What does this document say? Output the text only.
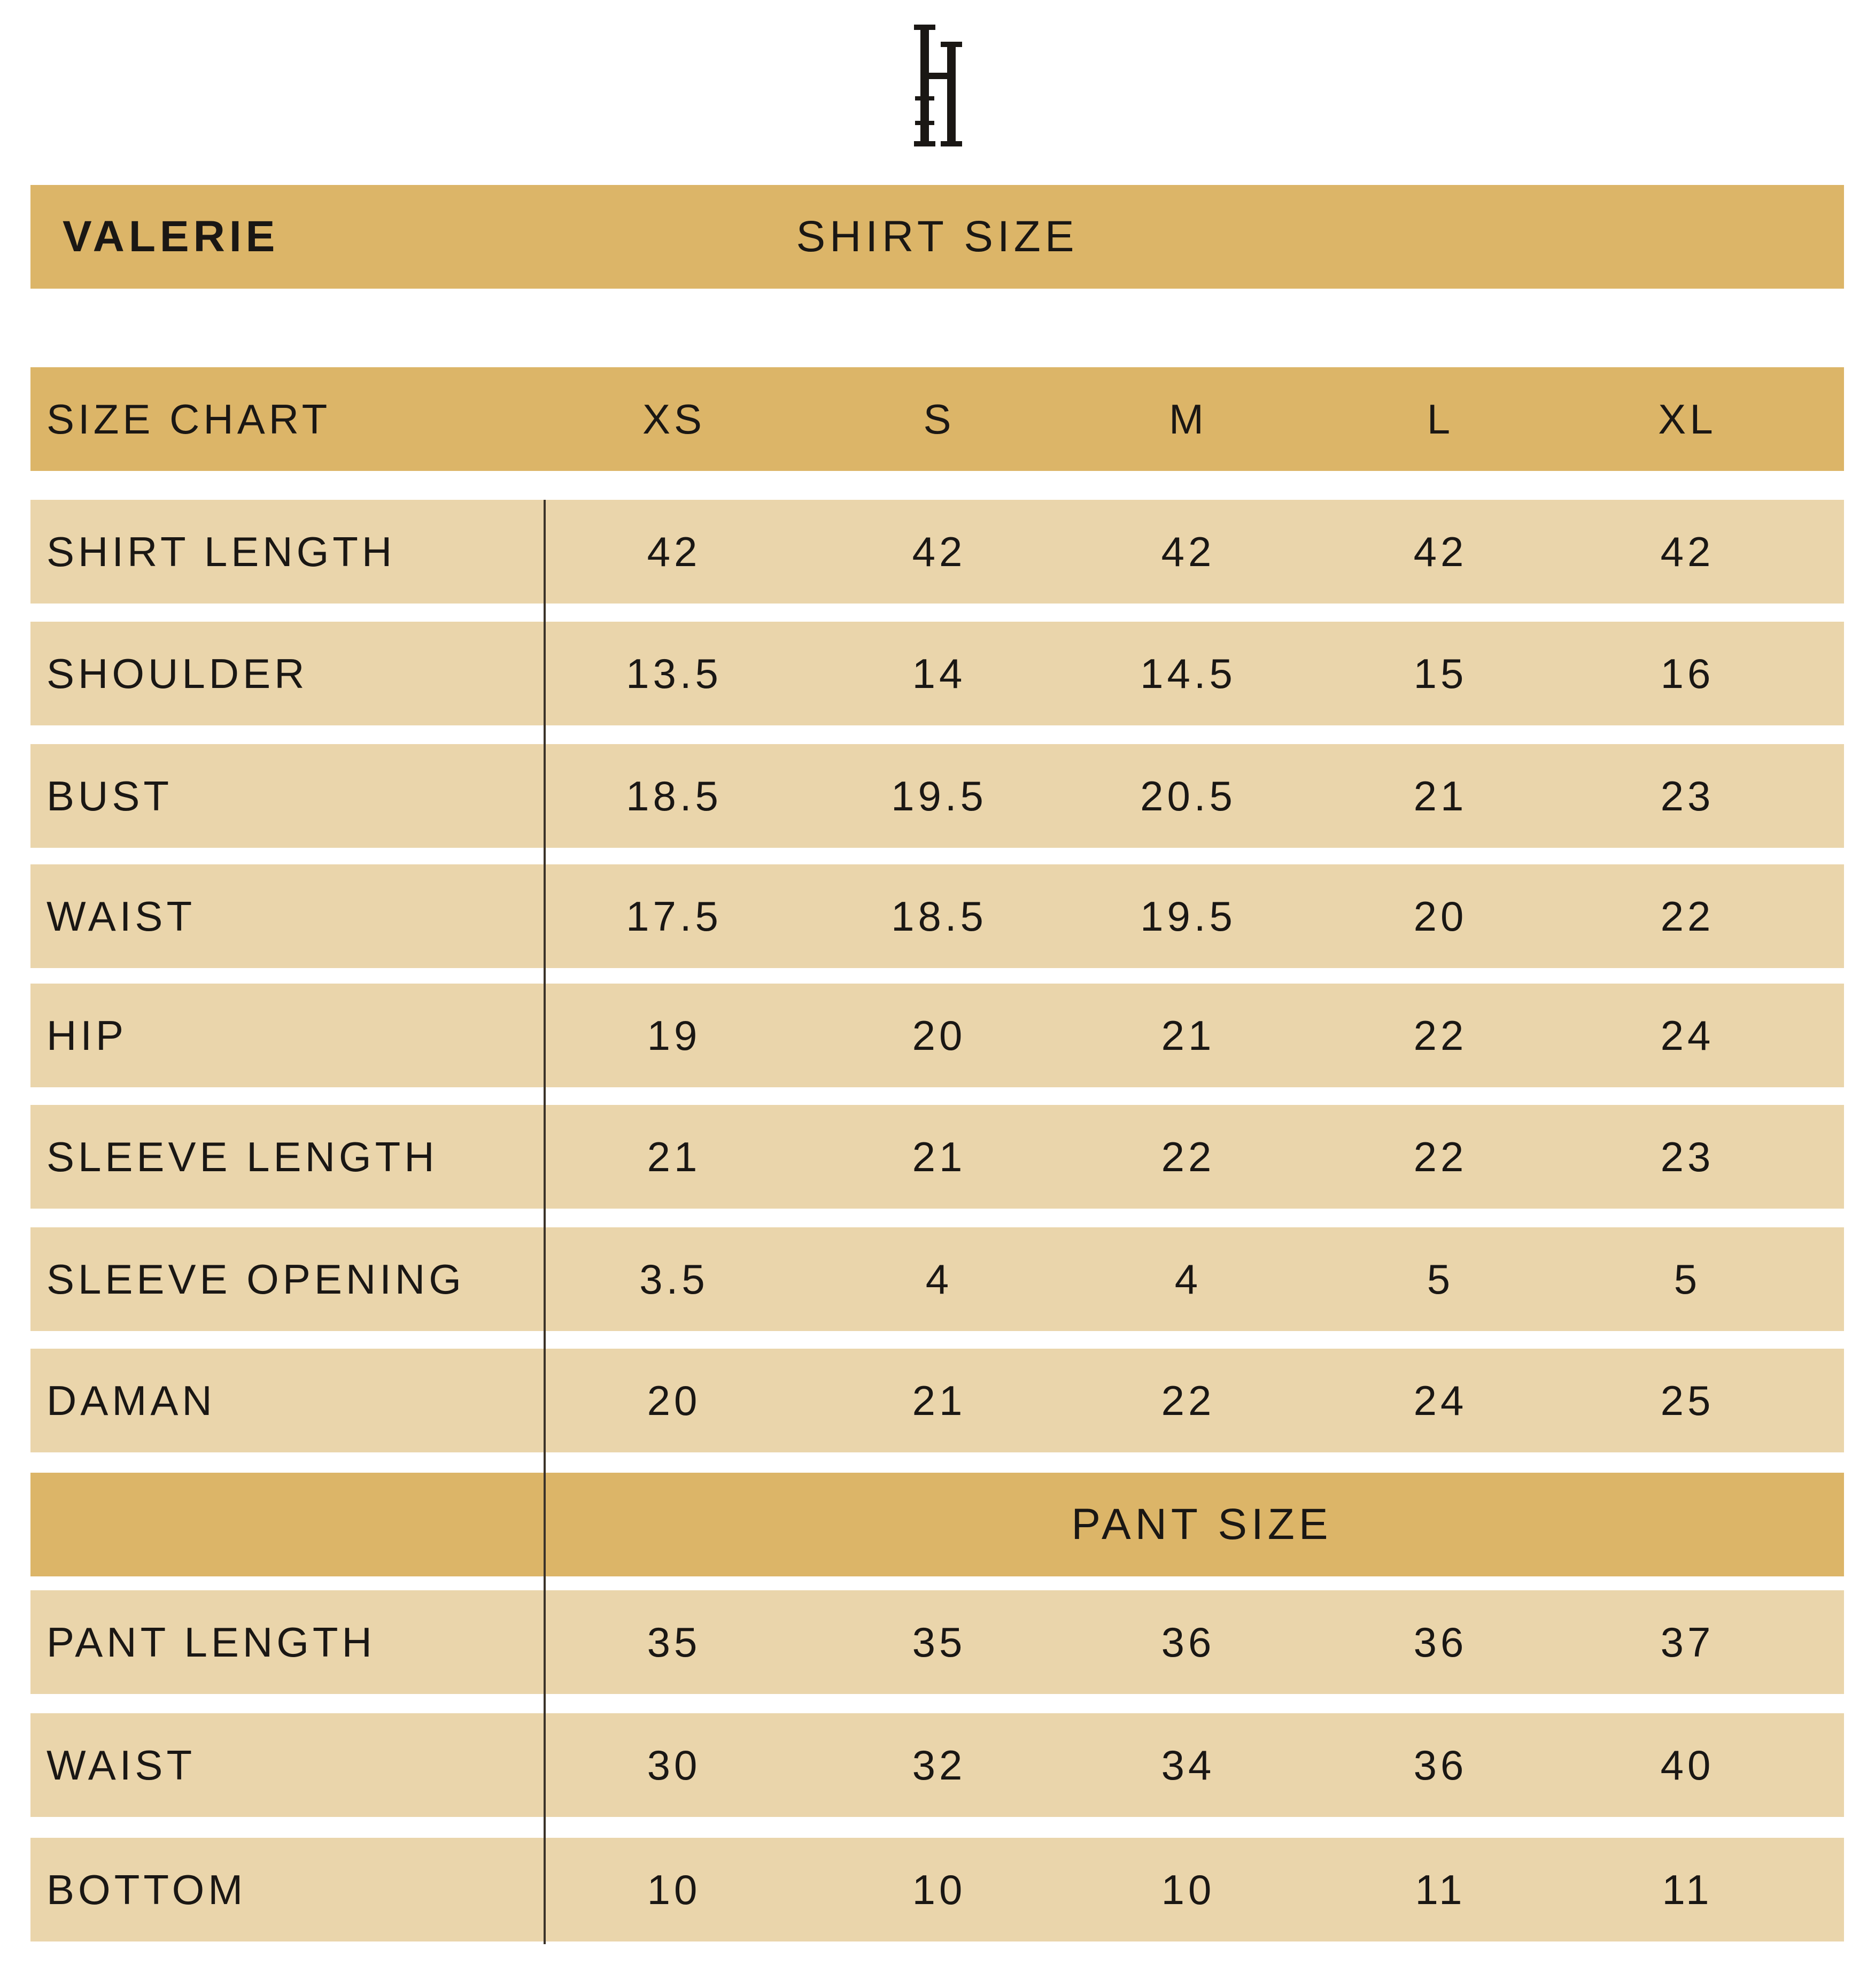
VALERIE	SHIRT SIZE
SIZE CHART	XS	S	M	L	XL
SHIRT LENGTH	42	42	42	42	42
SHOULDER	13.5	14	14.5	15	16
BUST	18.5	19.5	20.5	21	23
WAIST	17.5	18.5	19.5	20	22
HIP	19	20	21	22	24
SLEEVE LENGTH	21	21	22	22	23
SLEEVE OPENING	3.5	4	4	5	5
DAMAN	20	21	22	24	25
PANT SIZE
PANT LENGTH	35	35	36	36	37
WAIST	30	32	34	36	40
BOTTOM	10	10	10	11	11
